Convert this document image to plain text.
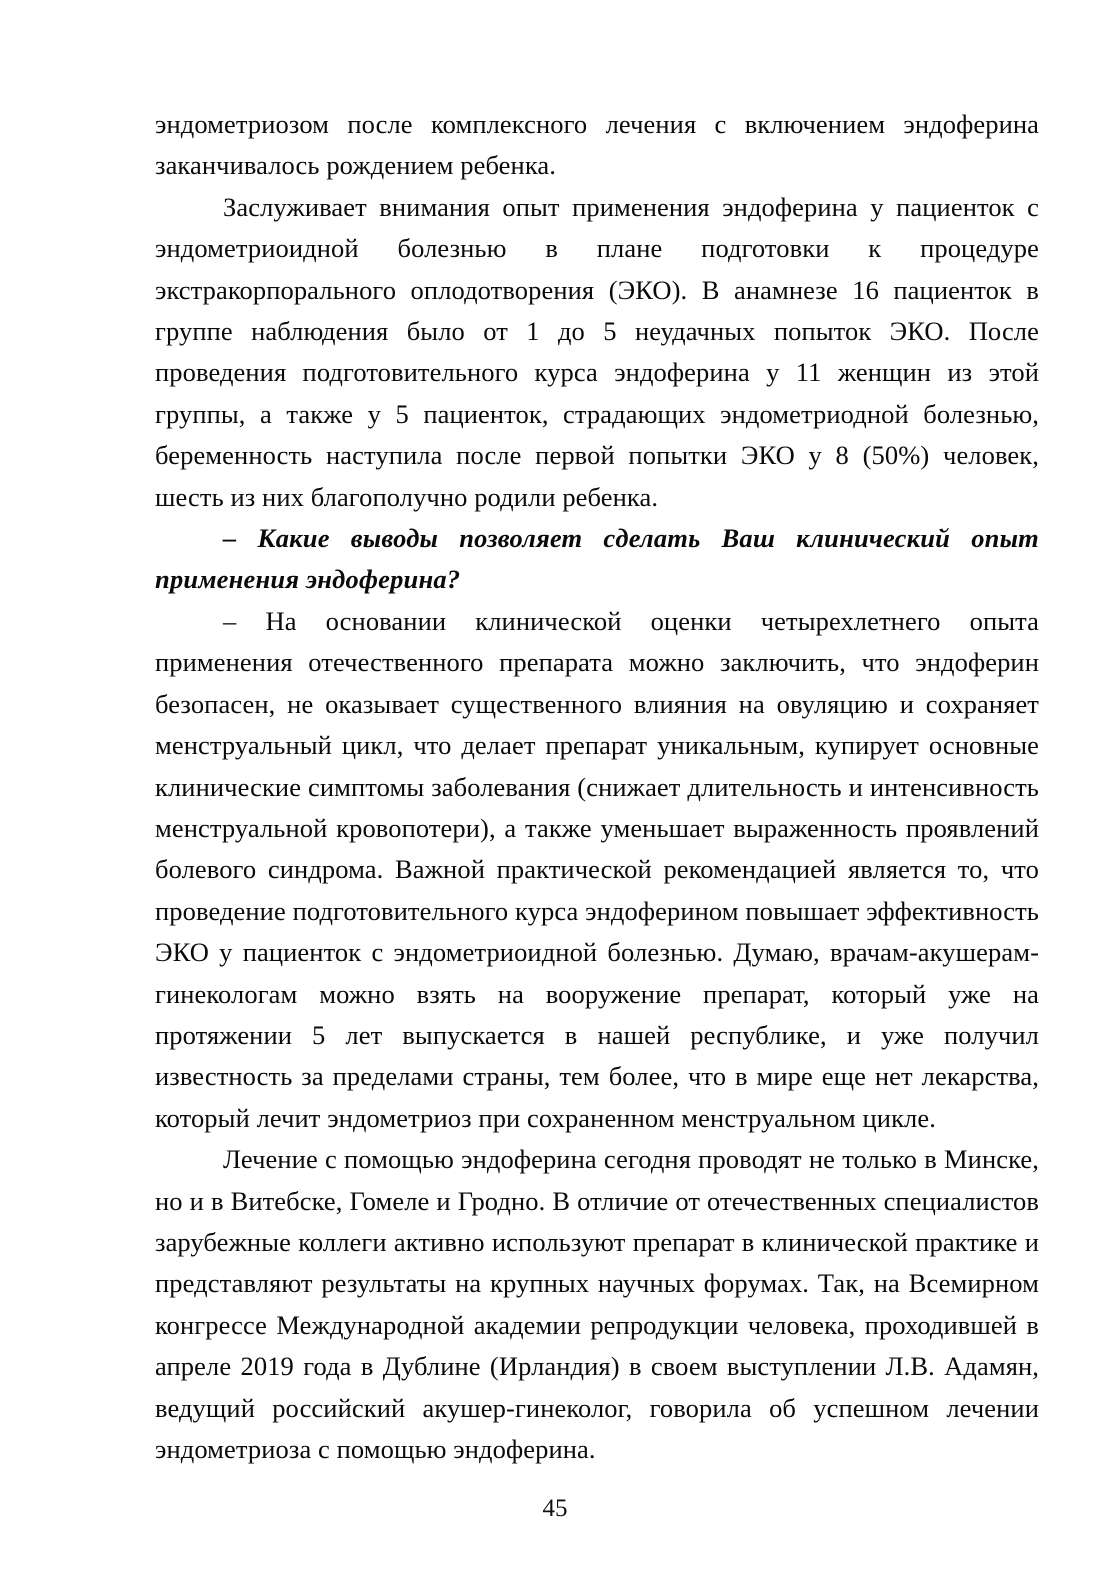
эндометриозом после комплексного лечения с включением эндоферина заканчивалось рождением ребенка.

Заслуживает внимания опыт применения эндоферина у пациенток с эндометриоидной болезнью в плане подготовки к процедуре экстракорпорального оплодотворения (ЭКО). В анамнезе 16 пациенток в группе наблюдения было от 1 до 5 неудачных попыток ЭКО. После проведения подготовительного курса эндоферина у 11 женщин из этой группы, а также у 5 пациенток, страдающих эндометриодной болезнью, беременность наступила после первой попытки ЭКО у 8 (50%) человек, шесть из них благополучно родили ребенка.

– Какие выводы позволяет сделать Ваш клинический опыт применения эндоферина?

– На основании клинической оценки четырехлетнего опыта применения отечественного препарата можно заключить, что эндоферин безопасен, не оказывает существенного влияния на овуляцию и сохраняет менструальный цикл, что делает препарат уникальным, купирует основные клинические симптомы заболевания (снижает длительность и интенсивность менструальной кровопотери), а также уменьшает выраженность проявлений болевого синдрома. Важной практической рекомендацией является то, что проведение подготовительного курса эндоферином повышает эффективность ЭКО у пациенток с эндометриоидной болезнью. Думаю, врачам-акушерам-гинекологам можно взять на вооружение препарат, который уже на протяжении 5 лет выпускается в нашей республике, и уже получил известность за пределами страны, тем более, что в мире еще нет лекарства, который лечит эндометриоз при сохраненном менструальном цикле.

Лечение с помощью эндоферина сегодня проводят не только в Минске, но и в Витебске, Гомеле и Гродно. В отличие от отечественных специалистов зарубежные коллеги активно используют препарат в клинической практике и представляют результаты на крупных научных форумах. Так, на Всемирном конгрессе Международной академии репродукции человека, проходившей в апреле 2019 года в Дублине (Ирландия) в своем выступлении Л.В. Адамян, ведущий российский акушер-гинеколог, говорила об успешном лечении эндометриоза с помощью эндоферина.

45
